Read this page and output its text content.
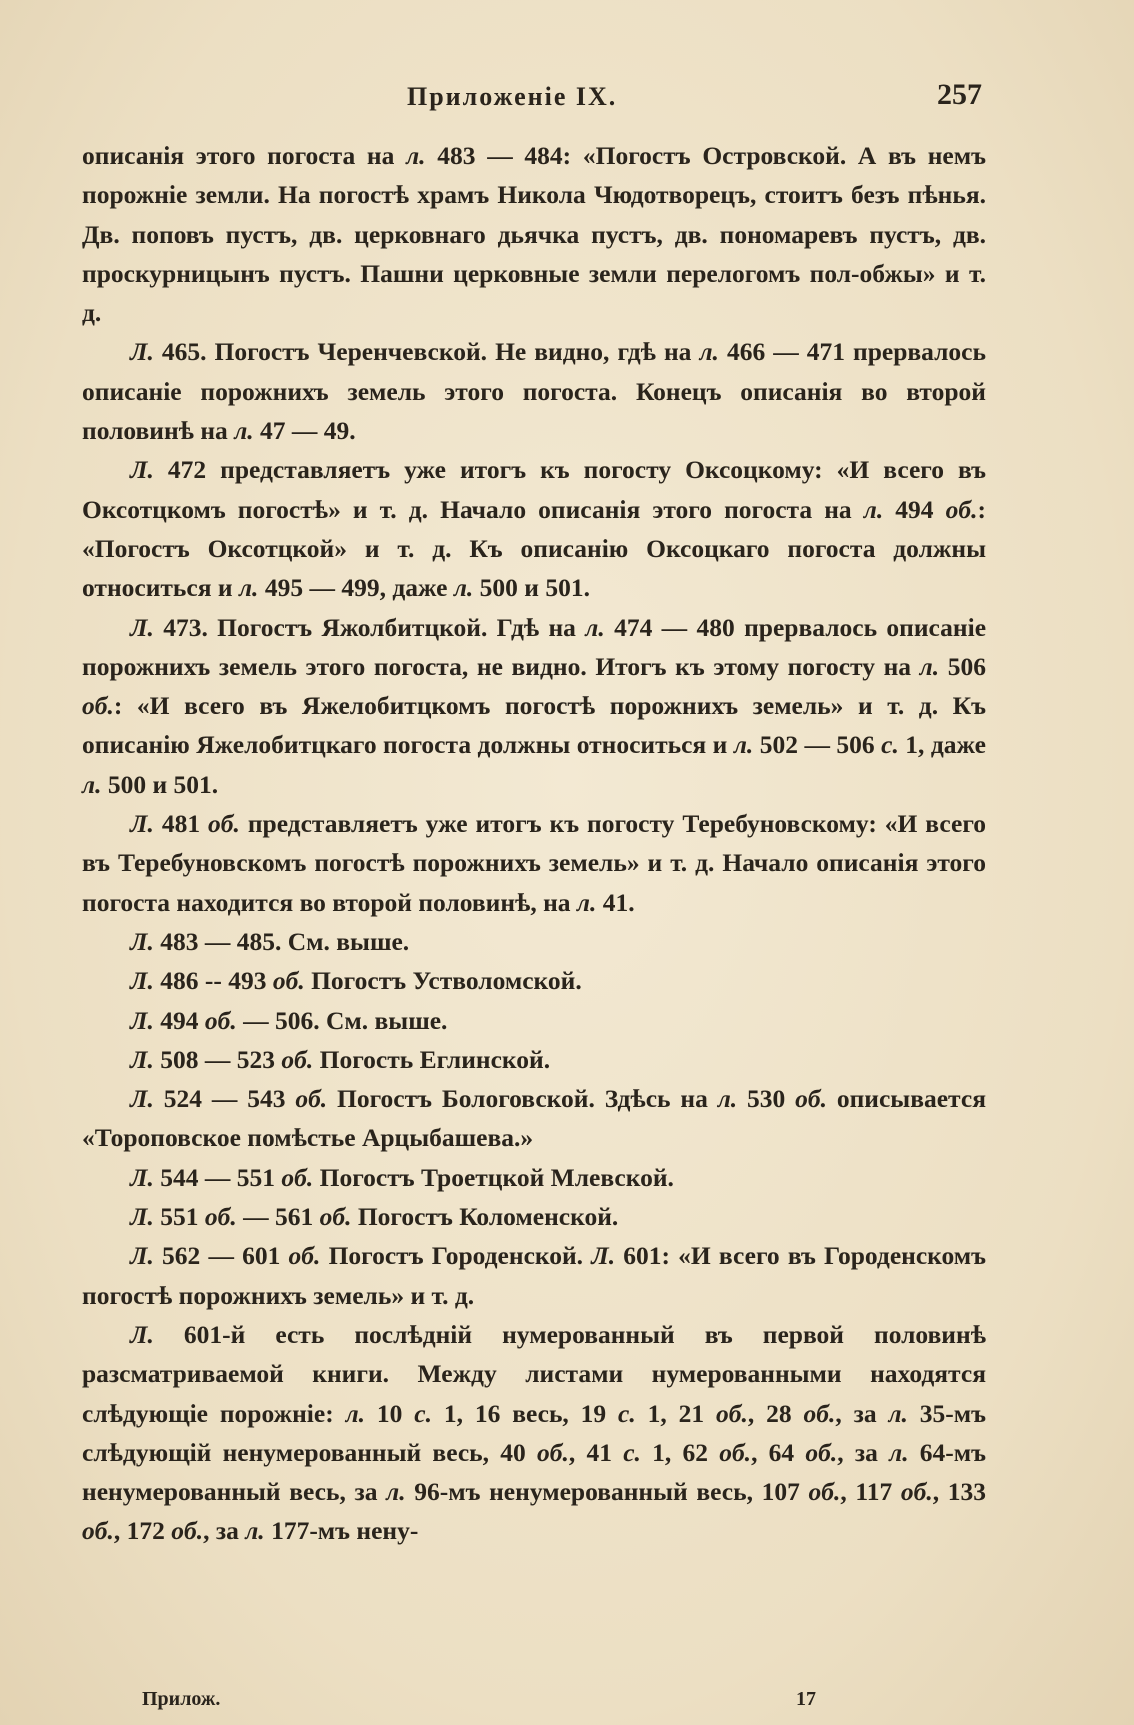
Приложеніе IX.	257

описанія этого погоста на л. 483 — 484: «Погостъ Островской. А въ немъ порожніе земли. На погостѣ храмъ Никола Чюдотворецъ, стоитъ безъ пѣнья. Дв. поповъ пустъ, дв. церковнаго дьячка пустъ, дв. пономаревъ пустъ, дв. проскурницынъ пустъ. Пашни церковные земли перелогомъ пол-обжы» и т. д.

Л. 465. Погостъ Черенчевской. Не видно, гдѣ на л. 466 — 471 прервалось описаніе порожнихъ земель этого погоста. Конецъ описанія во второй половинѣ на л. 47 — 49.

Л. 472 представляетъ уже итогъ къ погосту Оксоцкому: «И всего въ Оксотцкомъ погостѣ» и т. д. Начало описанія этого погоста на л. 494 об.: «Погостъ Оксотцкой» и т. д. Къ описанію Оксоцкаго погоста должны относиться и л. 495 — 499, даже л. 500 и 501.

Л. 473. Погостъ Яжолбитцкой. Гдѣ на л. 474 — 480 прервалось описаніе порожнихъ земель этого погоста, не видно. Итогъ къ этому погосту на л. 506 об.: «И всего въ Яжелобитцкомъ погостѣ порожнихъ земель» и т. д. Къ описанію Яжелобитцкаго погоста должны относиться и л. 502 — 506 с. 1, даже л. 500 и 501.

Л. 481 об. представляетъ уже итогъ къ погосту Теребуновскому: «И всего въ Теребуновскомъ погостѣ порожнихъ земель» и т. д. Начало описанія этого погоста находится во второй половинѣ, на л. 41.

Л. 483 — 485. См. выше.

Л. 486 -- 493 об. Погостъ Устволомской.

Л. 494 об. — 506. См. выше.

Л. 508 — 523 об. Погость Еглинской.

Л. 524 — 543 об. Погостъ Бологовской. Здѣсь на л. 530 об. описывается «Тороповское помѣстье Арцыбашева.»

Л. 544 — 551 об. Погостъ Троетцкой Млевской.

Л. 551 об. — 561 об. Погостъ Коломенской.

Л. 562 — 601 об. Погостъ Городенской. Л. 601: «И всего въ Городенскомъ погостѣ порожнихъ земель» и т. д.

Л. 601-й есть послѣдній нумерованный въ первой половинѣ разсматриваемой книги. Между листами нумерованными находятся слѣдующіе порожніе: л. 10 с. 1, 16 весь, 19 с. 1, 21 об., 28 об., за л. 35-мъ слѣдующій ненумерованный весь, 40 об., 41 с. 1, 62 об., 64 об., за л. 64-мъ ненумерованный весь, за л. 96-мъ ненумерованный весь, 107 об., 117 об., 133 об., 172 об., за л. 177-мъ нену-

Прилож.	17
